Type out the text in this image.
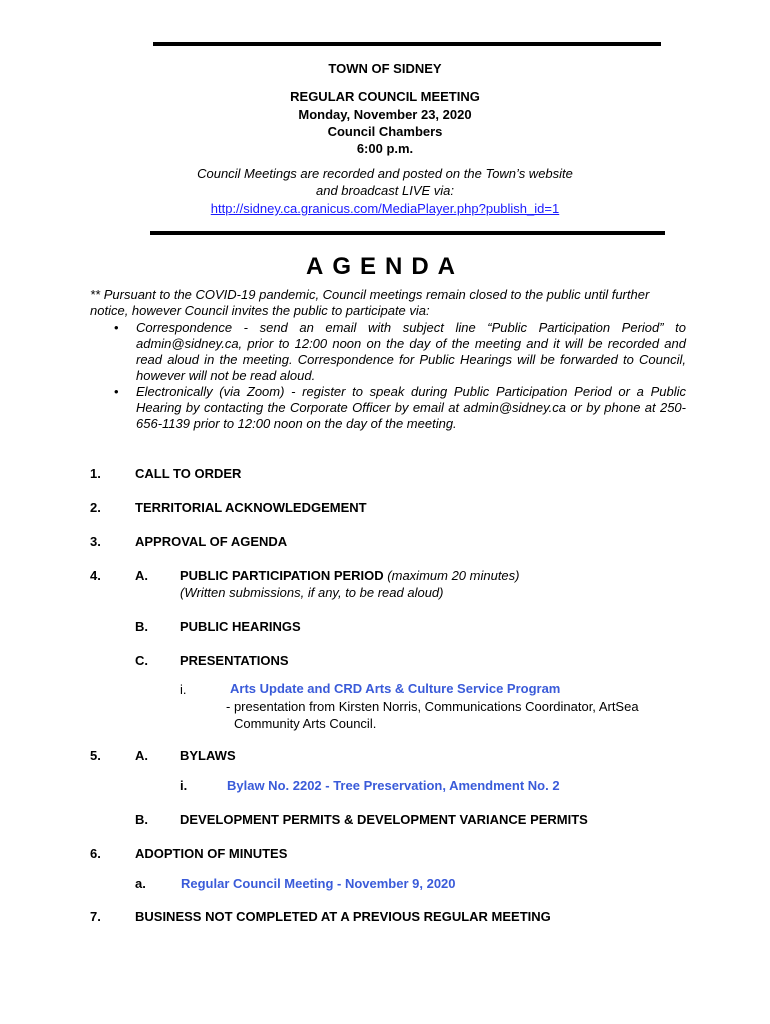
TOWN OF SIDNEY
REGULAR COUNCIL MEETING
Monday, November 23, 2020
Council Chambers
6:00 p.m.
Council Meetings are recorded and posted on the Town’s website
and broadcast LIVE via:
http://sidney.ca.granicus.com/MediaPlayer.php?publish_id=1
AGENDA
** Pursuant to the COVID-19 pandemic, Council meetings remain closed to the public until further notice, however Council invites the public to participate via:
• Correspondence - send an email with subject line “Public Participation Period” to admin@sidney.ca, prior to 12:00 noon on the day of the meeting and it will be recorded and read aloud in the meeting. Correspondence for Public Hearings will be forwarded to Council, however will not be read aloud.
• Electronically (via Zoom) - register to speak during Public Participation Period or a Public Hearing by contacting the Corporate Officer by email at admin@sidney.ca or by phone at 250-656-1139 prior to 12:00 noon on the day of the meeting.
1.	CALL TO ORDER
2.	TERRITORIAL ACKNOWLEDGEMENT
3.	APPROVAL OF AGENDA
4.	A. PUBLIC PARTICIPATION PERIOD (maximum 20 minutes)
(Written submissions, if any, to be read aloud)
B. PUBLIC HEARINGS
C. PRESENTATIONS
i.	Arts Update and CRD Arts & Culture Service Program
- presentation from Kirsten Norris, Communications Coordinator, ArtSea
Community Arts Council.
5.	A. BYLAWS
i.	Bylaw No. 2202 - Tree Preservation, Amendment No. 2
B. DEVELOPMENT PERMITS & DEVELOPMENT VARIANCE PERMITS
6.	ADOPTION OF MINUTES
a.	Regular Council Meeting - November 9, 2020
7.	BUSINESS NOT COMPLETED AT A PREVIOUS REGULAR MEETING
